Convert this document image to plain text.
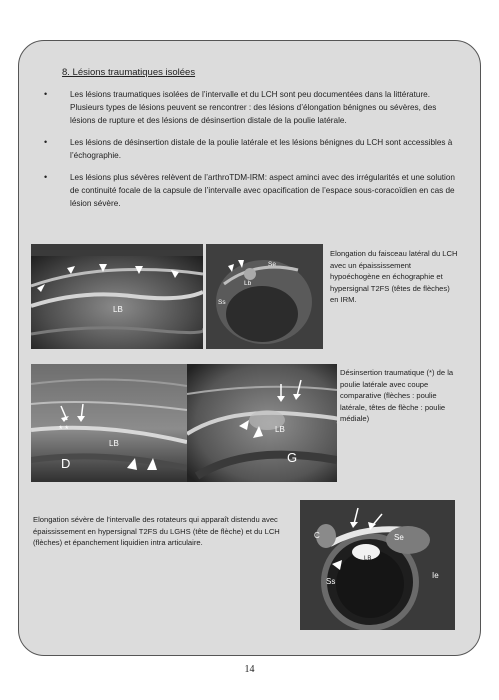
8. Lésions traumatiques isolées
•	Les lésions traumatiques isolées de l’intervalle et du LCH sont peu documentées dans la littérature. Plusieurs types de lésions peuvent se rencontrer : des lésions d’élongation bénignes ou sévères, des lésions de rupture et des lésions de désinsertion distale de la poulie latérale.
•	Les lésions de désinsertion distale de la poulie latérale et les lésions bénignes du LCH sont accessibles à l’échographie.
•	Les lésions plus sévères relèvent de l’arthroTDM-IRM: aspect aminci avec des irrégularités et une solution de continuité focale de la capsule de l’intervalle avec opacification de l’espace sous-coracoïdien en cas de lésion sévère.
LB
Se
Lb
Ss
Elongation du faisceau latéral du LCH avec un épaississement hypoéchogène en échographie et hypersignal T2FS (têtes de flèches) en IRM.
* *
LB
D
LB
G
Désinsertion traumatique (*) de la poulie latérale avec coupe comparative (flèches : poulie latérale, têtes de flèche : poulie médiale)
Elongation sévère de l’intervalle des rotateurs qui apparaît distendu avec épaississement en hypersignal T2FS du LGHS (tête de flèche) et du LCH (flèches) et épanchement liquidien intra articulaire.
C	Se
LB
Ss
Ie
14
